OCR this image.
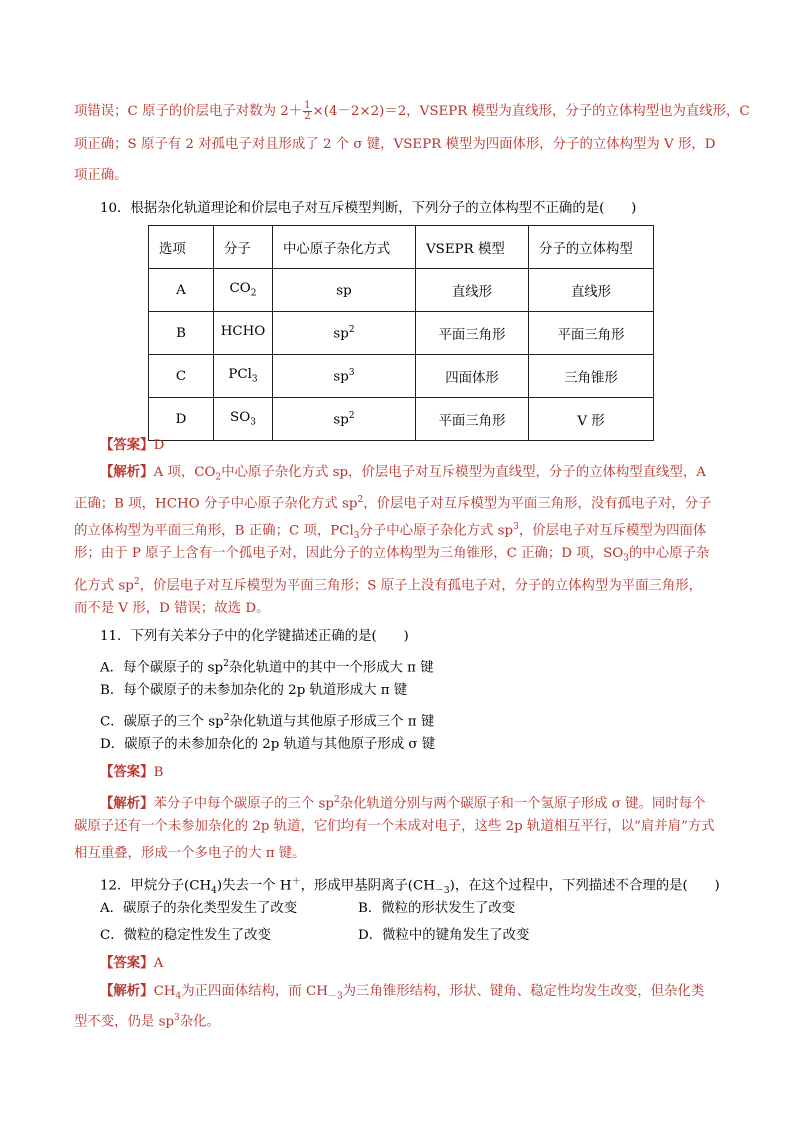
项错误；C 原子的价层电子对数为 $2+ \frac{1}{2} \times(4-2\times 2)=2$，VSEPR 模型为直线形，分子的立体构型也为直线形，C
项正确；S 原子有 2 对孤电子对且形成了 2 个 σ 键，VSEPR 模型为四面体形，分子的立体构型为 V 形，D
项正确。
10．根据杂化轨道理论和价层电子对互斥模型判断，下列分子的立体构型不正确的是(　　)
选项	分子	中心原子杂化方式	VSEPR 模型	分子的立体构型
A	$CO_2$	sp	直线形	直线形
B	HCHO	$sp^2$	平面三角形	平面三角形
C	PCl$_3$	$sp^3$	四面体形	三角锥形
D	$SO_3$	$sp^2$	平面三角形	V 形
【答案】D
【解析】A 项，$CO_2$中心原子杂化方式 sp，价层电子对互斥模型为直线型，分子的立体构型直线型，A
正确；B 项，HCHO 分子中心原子杂化方式 $sp^2$，价层电子对互斥模型为平面三角形，没有孤电子对，分子
的立体构型为平面三角形，B 正确；C 项，PCl$_3$分子中心原子杂化方式 $sp^3$，价层电子对互斥模型为四面体
形；由于 P 原子上含有一个孤电子对，因此分子的立体构型为三角锥形，C 正确；D 项，$SO_3$的中心原子杂
化方式 $sp^2$，价层电子对互斥模型为平面三角形；S 原子上没有孤电子对，分子的立体构型为平面三角形，
而不是 V 形，D 错误；故选 D。
11．下列有关苯分子中的化学键描述正确的是(　　)
A．每个碳原子的 $sp^2$杂化轨道中的其中一个形成大 π 键
B．每个碳原子的未参加杂化的 2p 轨道形成大 π 键
C．碳原子的三个 $sp^2$杂化轨道与其他原子形成三个 π 键
D．碳原子的未参加杂化的 2p 轨道与其他原子形成 σ 键
【答案】B
【解析】苯分子中每个碳原子的三个 $sp^2$杂化轨道分别与两个碳原子和一个氢原子形成 σ 键。同时每个
碳原子还有一个未参加杂化的 2p 轨道，它们均有一个未成对电子，这些 2p 轨道相互平行，以“肩并肩”方式
相互重叠，形成一个多电子的大 π 键。
12．甲烷分子$(CH_4)$失去一个 H＋，形成甲基阴离子$(CH_{-3})$，在这个过程中，下列描述不合理的是(　　)
A．碳原子的杂化类型发生了改变	B．微粒的形状发生了改变
C．微粒的稳定性发生了改变	D．微粒中的键角发生了改变
【答案】A
【解析】$CH_4$为正四面体结构，而 $CH_{-3}$为三角锥形结构，形状、键角、稳定性均发生改变，但杂化类
型不变，仍是 $sp^3$杂化。
